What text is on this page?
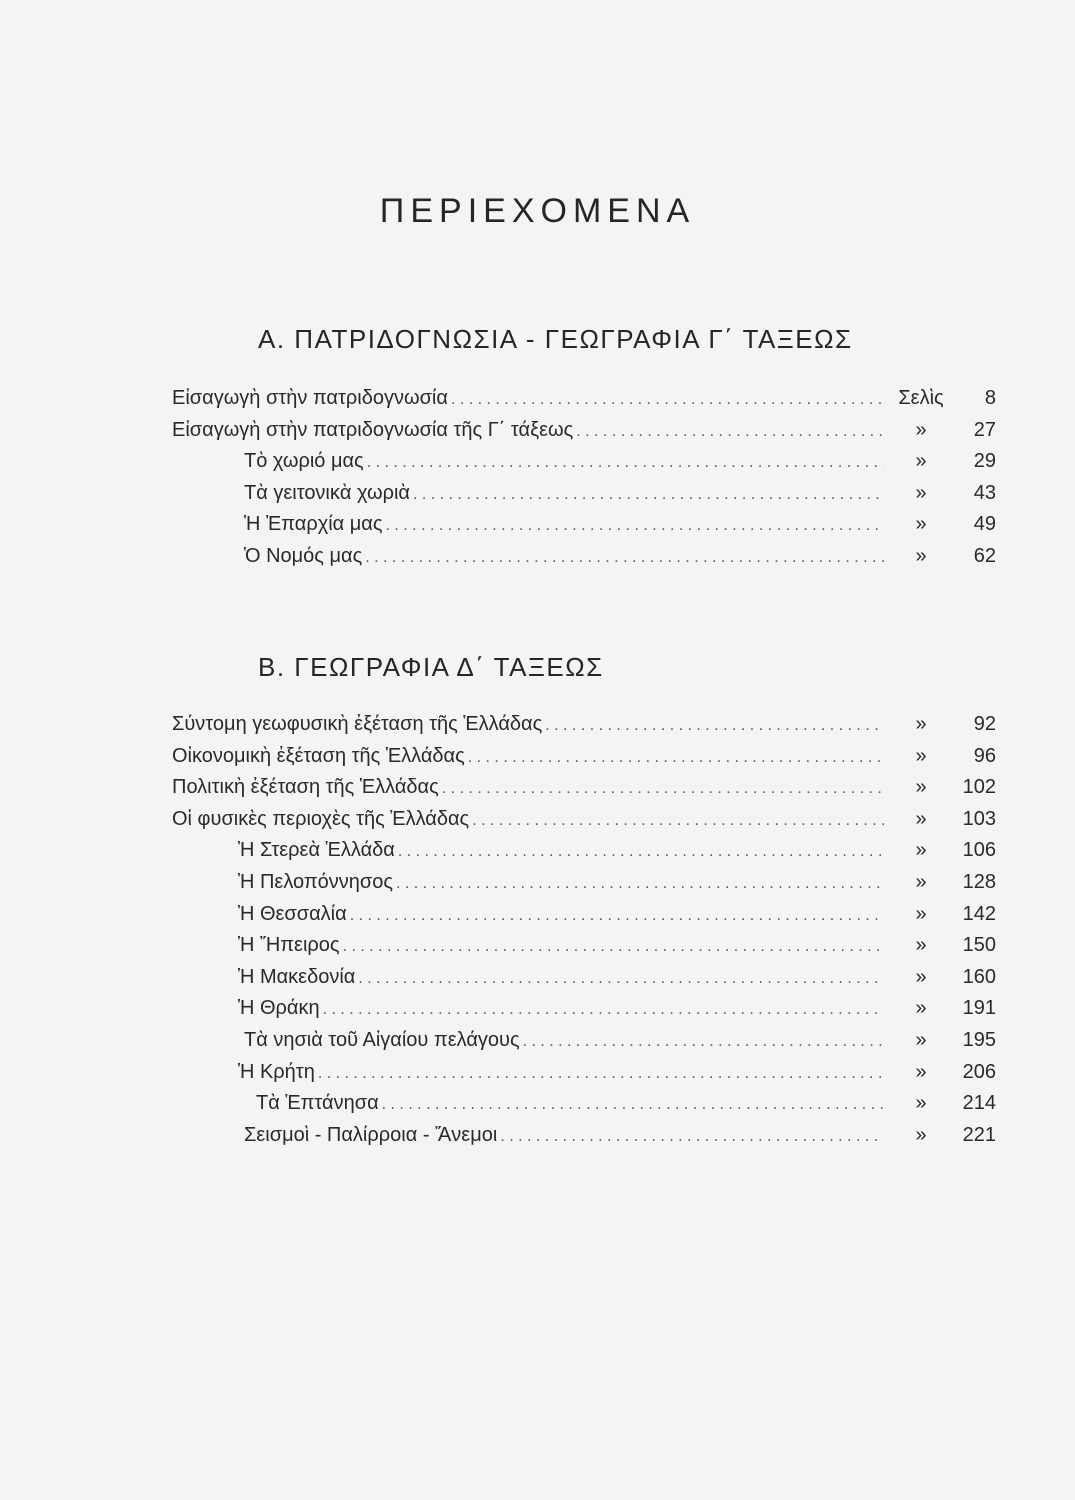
ΠΕΡΙΕΧΟΜΕΝΑ
Α. ΠΑΤΡΙΔΟΓΝΩΣΙΑ - ΓΕΩΓΡΑΦΙΑ Γ΄ ΤΑΞΕΩΣ
Εἰσαγωγὴ στὴν πατριδογνωσία . . .	Σελὶς	8
Εἰσαγωγὴ στὴν πατριδογνωσία τῆς Γ΄ τάξεως . . .	»	27
Τὸ χωριό μας . . .	»	29
Τὰ γειτονικὰ χωριὰ . . .	»	43
Ἡ Ἐπαρχία μας . . .	»	49
Ὁ Νομός μας . . .	»	62
Β. ΓΕΩΓΡΑΦΙΑ Δ΄ ΤΑΞΕΩΣ
Σύντομη γεωφυσικὴ ἐξέταση τῆς Ἑλλάδας . . .	»	92
Οἰκονομικὴ ἐξέταση τῆς Ἑλλάδας . . .	»	96
Πολιτικὴ ἐξέταση τῆς Ἑλλάδας . . .	»	102
Οἱ φυσικὲς περιοχὲς τῆς Ἑλλάδας . . .	»	103
Ἡ Στερεὰ Ἑλλάδα . . .	»	106
Ἡ Πελοπόννησος . . .	»	128
Ἡ Θεσσαλία . . .	»	142
Ἡ Ἤπειρος . . .	»	150
Ἡ Μακεδονία . . .	»	160
Ἡ Θράκη . . .	»	191
Τὰ νησιὰ τοῦ Αἰγαίου πελάγους . . .	»	195
Ἡ Κρήτη . . .	»	206
Τὰ Ἑπτάνησα . . .	»	214
Σεισμοὶ - Παλίρροια - Ἄνεμοι . . .	»	221
